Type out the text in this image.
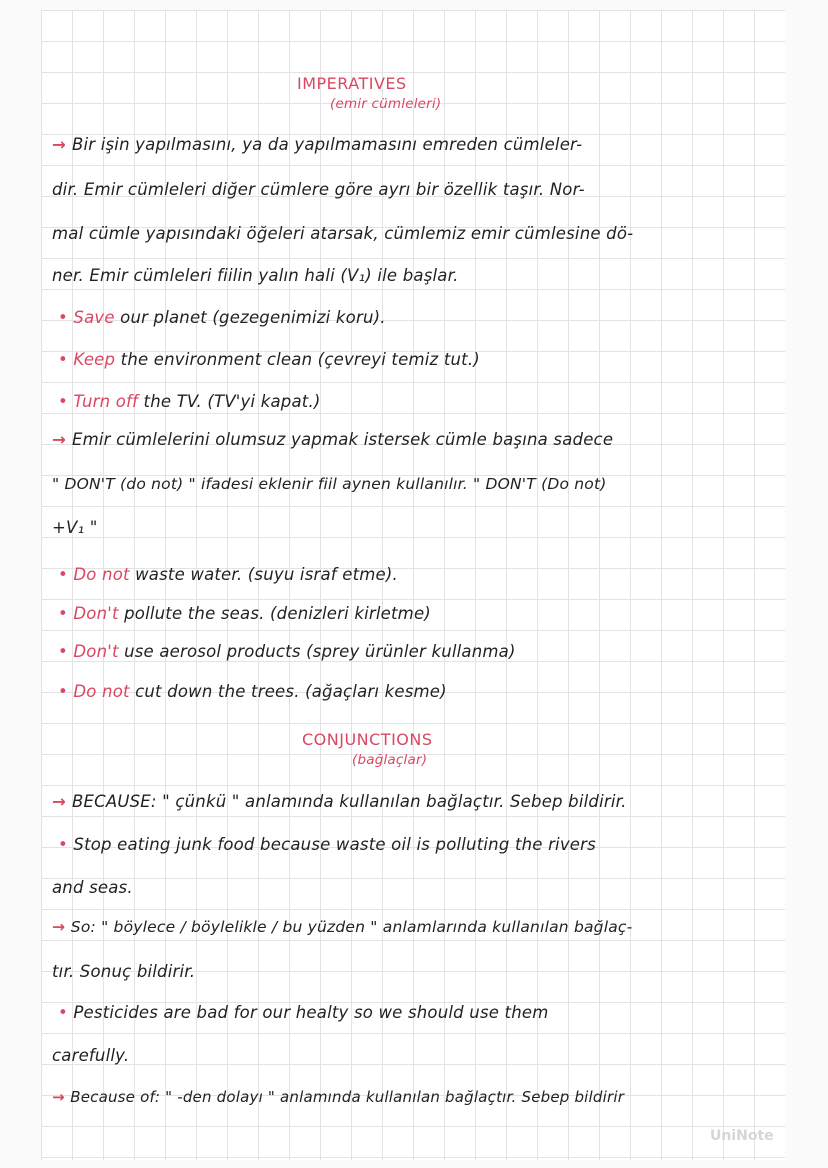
IMPERATIVES
(emir cümleleri)
→ Bir işin yapılmasını, ya da yapılmamasını emreden cümleler-
dir. Emir cümleleri diğer cümlere göre ayrı bir özellik taşır. Nor-
mal cümle yapısındaki öğeleri atarsak, cümlemiz emir cümlesine dö-
ner. Emir cümleleri fiilin yalın hali (V₁) ile başlar.
• Save our planet (gezegenimizi koru).
• Keep the environment clean (çevreyi temiz tut.)
• Turn off the TV. (TV'yi kapat.)
→ Emir cümlelerini olumsuz yapmak istersek cümle başına sadece
" DON'T (do not) " ifadesi eklenir fiil aynen kullanılır. " DON'T (Do not)
+V₁ "
• Do not waste water. (suyu israf etme).
• Don't pollute the seas. (denizleri kirletme)
• Don't use aerosol products (sprey ürünler kullanma)
• Do not cut down the trees. (ağaçları kesme)
CONJUNCTIONS
(bağlaçlar)
→ BECAUSE: " çünkü " anlamında kullanılan bağlaçtır. Sebep bildirir.
• Stop eating junk food because waste oil is polluting the rivers
and seas.
→ So: " böylece / böylelikle / bu yüzden " anlamlarında kullanılan bağlaç-
tır. Sonuç bildirir.
• Pesticides are bad for our healty so we should use them
carefully.
→ Because of: " -den dolayı " anlamında kullanılan bağlaçtır. Sebep bildirir
UniNote
